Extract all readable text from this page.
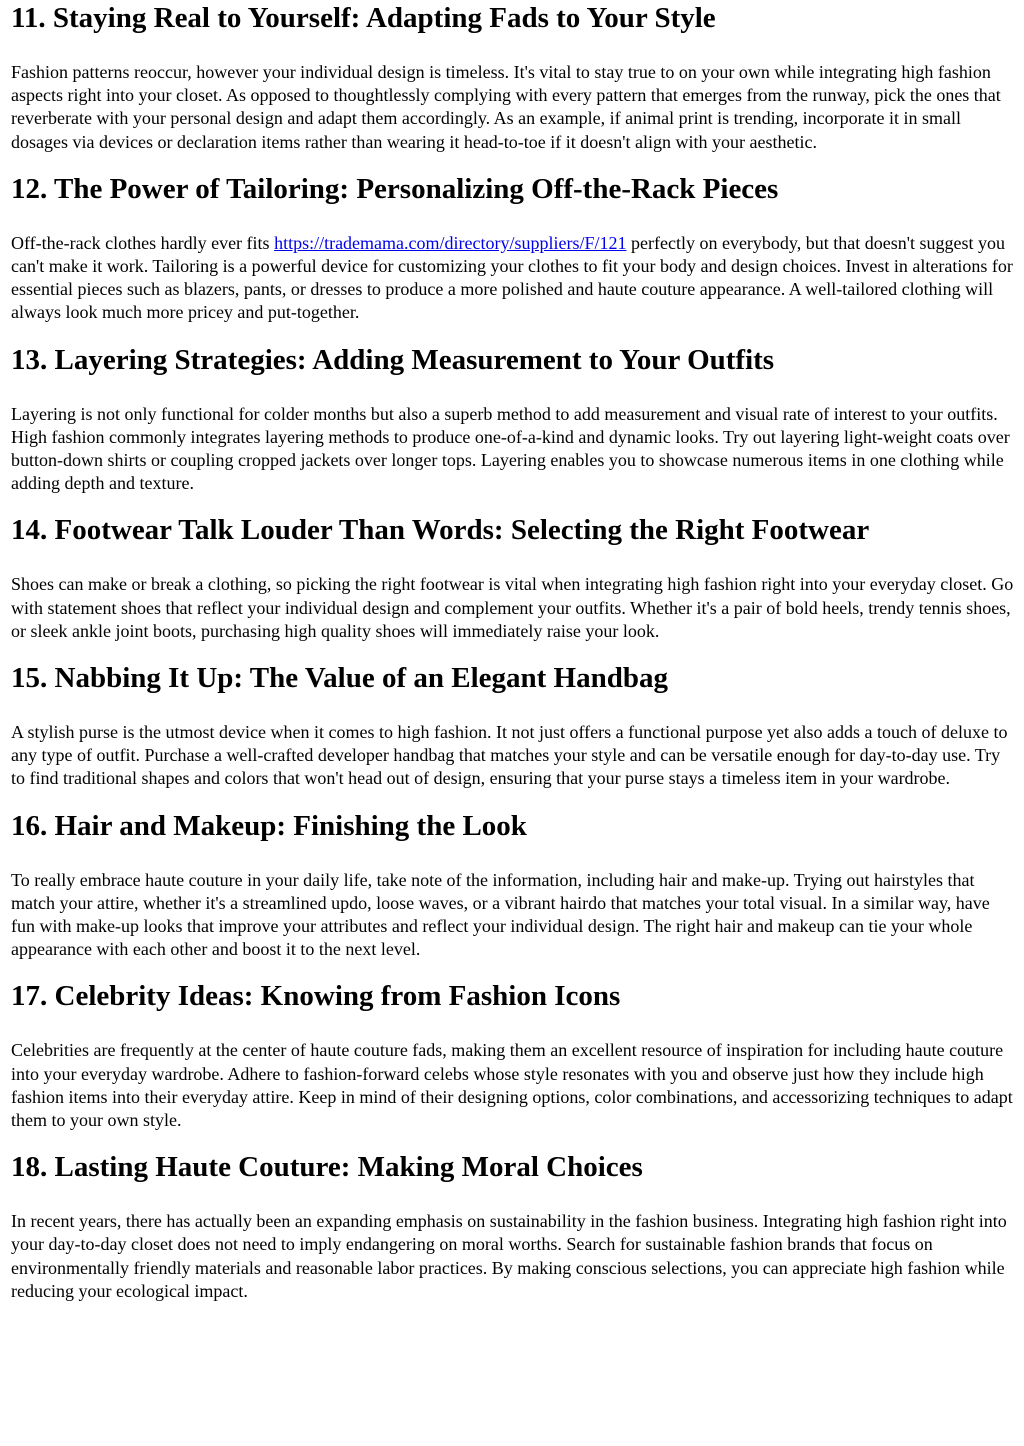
11. Staying Real to Yourself: Adapting Fads to Your Style

Fashion patterns reoccur, however your individual design is timeless. It's vital to stay true to on your own while integrating high fashion aspects right into your closet. As opposed to thoughtlessly complying with every pattern that emerges from the runway, pick the ones that reverberate with your personal design and adapt them accordingly. As an example, if animal print is trending, incorporate it in small dosages via devices or declaration items rather than wearing it head-to-toe if it doesn't align with your aesthetic.

12. The Power of Tailoring: Personalizing Off-the-Rack Pieces

Off-the-rack clothes hardly ever fits https://trademama.com/directory/suppliers/F/121 perfectly on everybody, but that doesn't suggest you can't make it work. Tailoring is a powerful device for customizing your clothes to fit your body and design choices. Invest in alterations for essential pieces such as blazers, pants, or dresses to produce a more polished and haute couture appearance. A well-tailored clothing will always look much more pricey and put-together.

13. Layering Strategies: Adding Measurement to Your Outfits

Layering is not only functional for colder months but also a superb method to add measurement and visual rate of interest to your outfits. High fashion commonly integrates layering methods to produce one-of-a-kind and dynamic looks. Try out layering light-weight coats over button-down shirts or coupling cropped jackets over longer tops. Layering enables you to showcase numerous items in one clothing while adding depth and texture.

14. Footwear Talk Louder Than Words: Selecting the Right Footwear

Shoes can make or break a clothing, so picking the right footwear is vital when integrating high fashion right into your everyday closet. Go with statement shoes that reflect your individual design and complement your outfits. Whether it's a pair of bold heels, trendy tennis shoes, or sleek ankle joint boots, purchasing high quality shoes will immediately raise your look.

15. Nabbing It Up: The Value of an Elegant Handbag

A stylish purse is the utmost device when it comes to high fashion. It not just offers a functional purpose yet also adds a touch of deluxe to any type of outfit. Purchase a well-crafted developer handbag that matches your style and can be versatile enough for day-to-day use. Try to find traditional shapes and colors that won't head out of design, ensuring that your purse stays a timeless item in your wardrobe.

16. Hair and Makeup: Finishing the Look

To really embrace haute couture in your daily life, take note of the information, including hair and make-up. Trying out hairstyles that match your attire, whether it's a streamlined updo, loose waves, or a vibrant hairdo that matches your total visual. In a similar way, have fun with make-up looks that improve your attributes and reflect your individual design. The right hair and makeup can tie your whole appearance with each other and boost it to the next level.

17. Celebrity Ideas: Knowing from Fashion Icons

Celebrities are frequently at the center of haute couture fads, making them an excellent resource of inspiration for including haute couture into your everyday wardrobe. Adhere to fashion-forward celebs whose style resonates with you and observe just how they include high fashion items into their everyday attire. Keep in mind of their designing options, color combinations, and accessorizing techniques to adapt them to your own style.

18. Lasting Haute Couture: Making Moral Choices

In recent years, there has actually been an expanding emphasis on sustainability in the fashion business. Integrating high fashion right into your day-to-day closet does not need to imply endangering on moral worths. Search for sustainable fashion brands that focus on environmentally friendly materials and reasonable labor practices. By making conscious selections, you can appreciate high fashion while reducing your ecological impact.
